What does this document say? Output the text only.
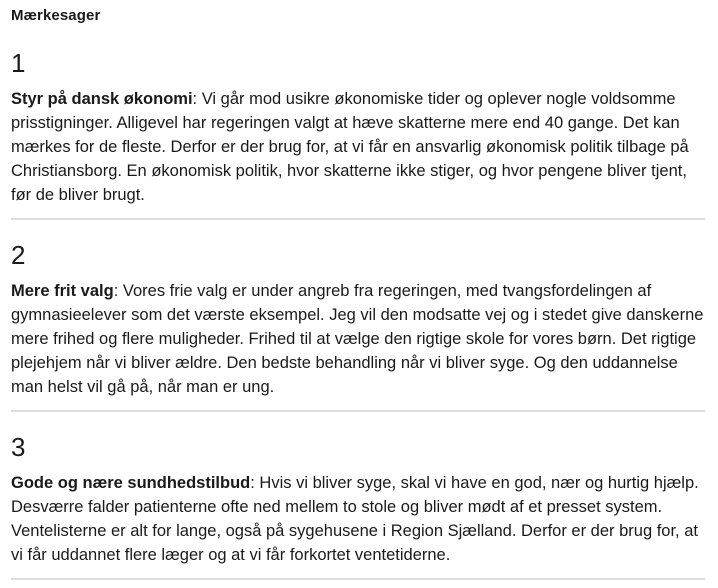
Mærkesager
1

Styr på dansk økonomi: Vi går mod usikre økonomiske tider og oplever nogle voldsomme prisstigninger. Alligevel har regeringen valgt at hæve skatterne mere end 40 gange. Det kan mærkes for de fleste. Derfor er der brug for, at vi får en ansvarlig økonomisk politik tilbage på Christiansborg. En økonomisk politik, hvor skatterne ikke stiger, og hvor pengene bliver tjent, før de bliver brugt.

2

Mere frit valg: Vores frie valg er under angreb fra regeringen, med tvangsfordelingen af gymnasieelever som det værste eksempel. Jeg vil den modsatte vej og i stedet give danskerne mere frihed og flere muligheder. Frihed til at vælge den rigtige skole for vores børn. Det rigtige plejehjem når vi bliver ældre. Den bedste behandling når vi bliver syge. Og den uddannelse man helst vil gå på, når man er ung.

3

Gode og nære sundhedstilbud: Hvis vi bliver syge, skal vi have en god, nær og hurtig hjælp. Desværre falder patienterne ofte ned mellem to stole og bliver mødt af et presset system. Ventelisterne er alt for lange, også på sygehusene i Region Sjælland. Derfor er der brug for, at vi får uddannet flere læger og at vi får forkortet ventetiderne.
